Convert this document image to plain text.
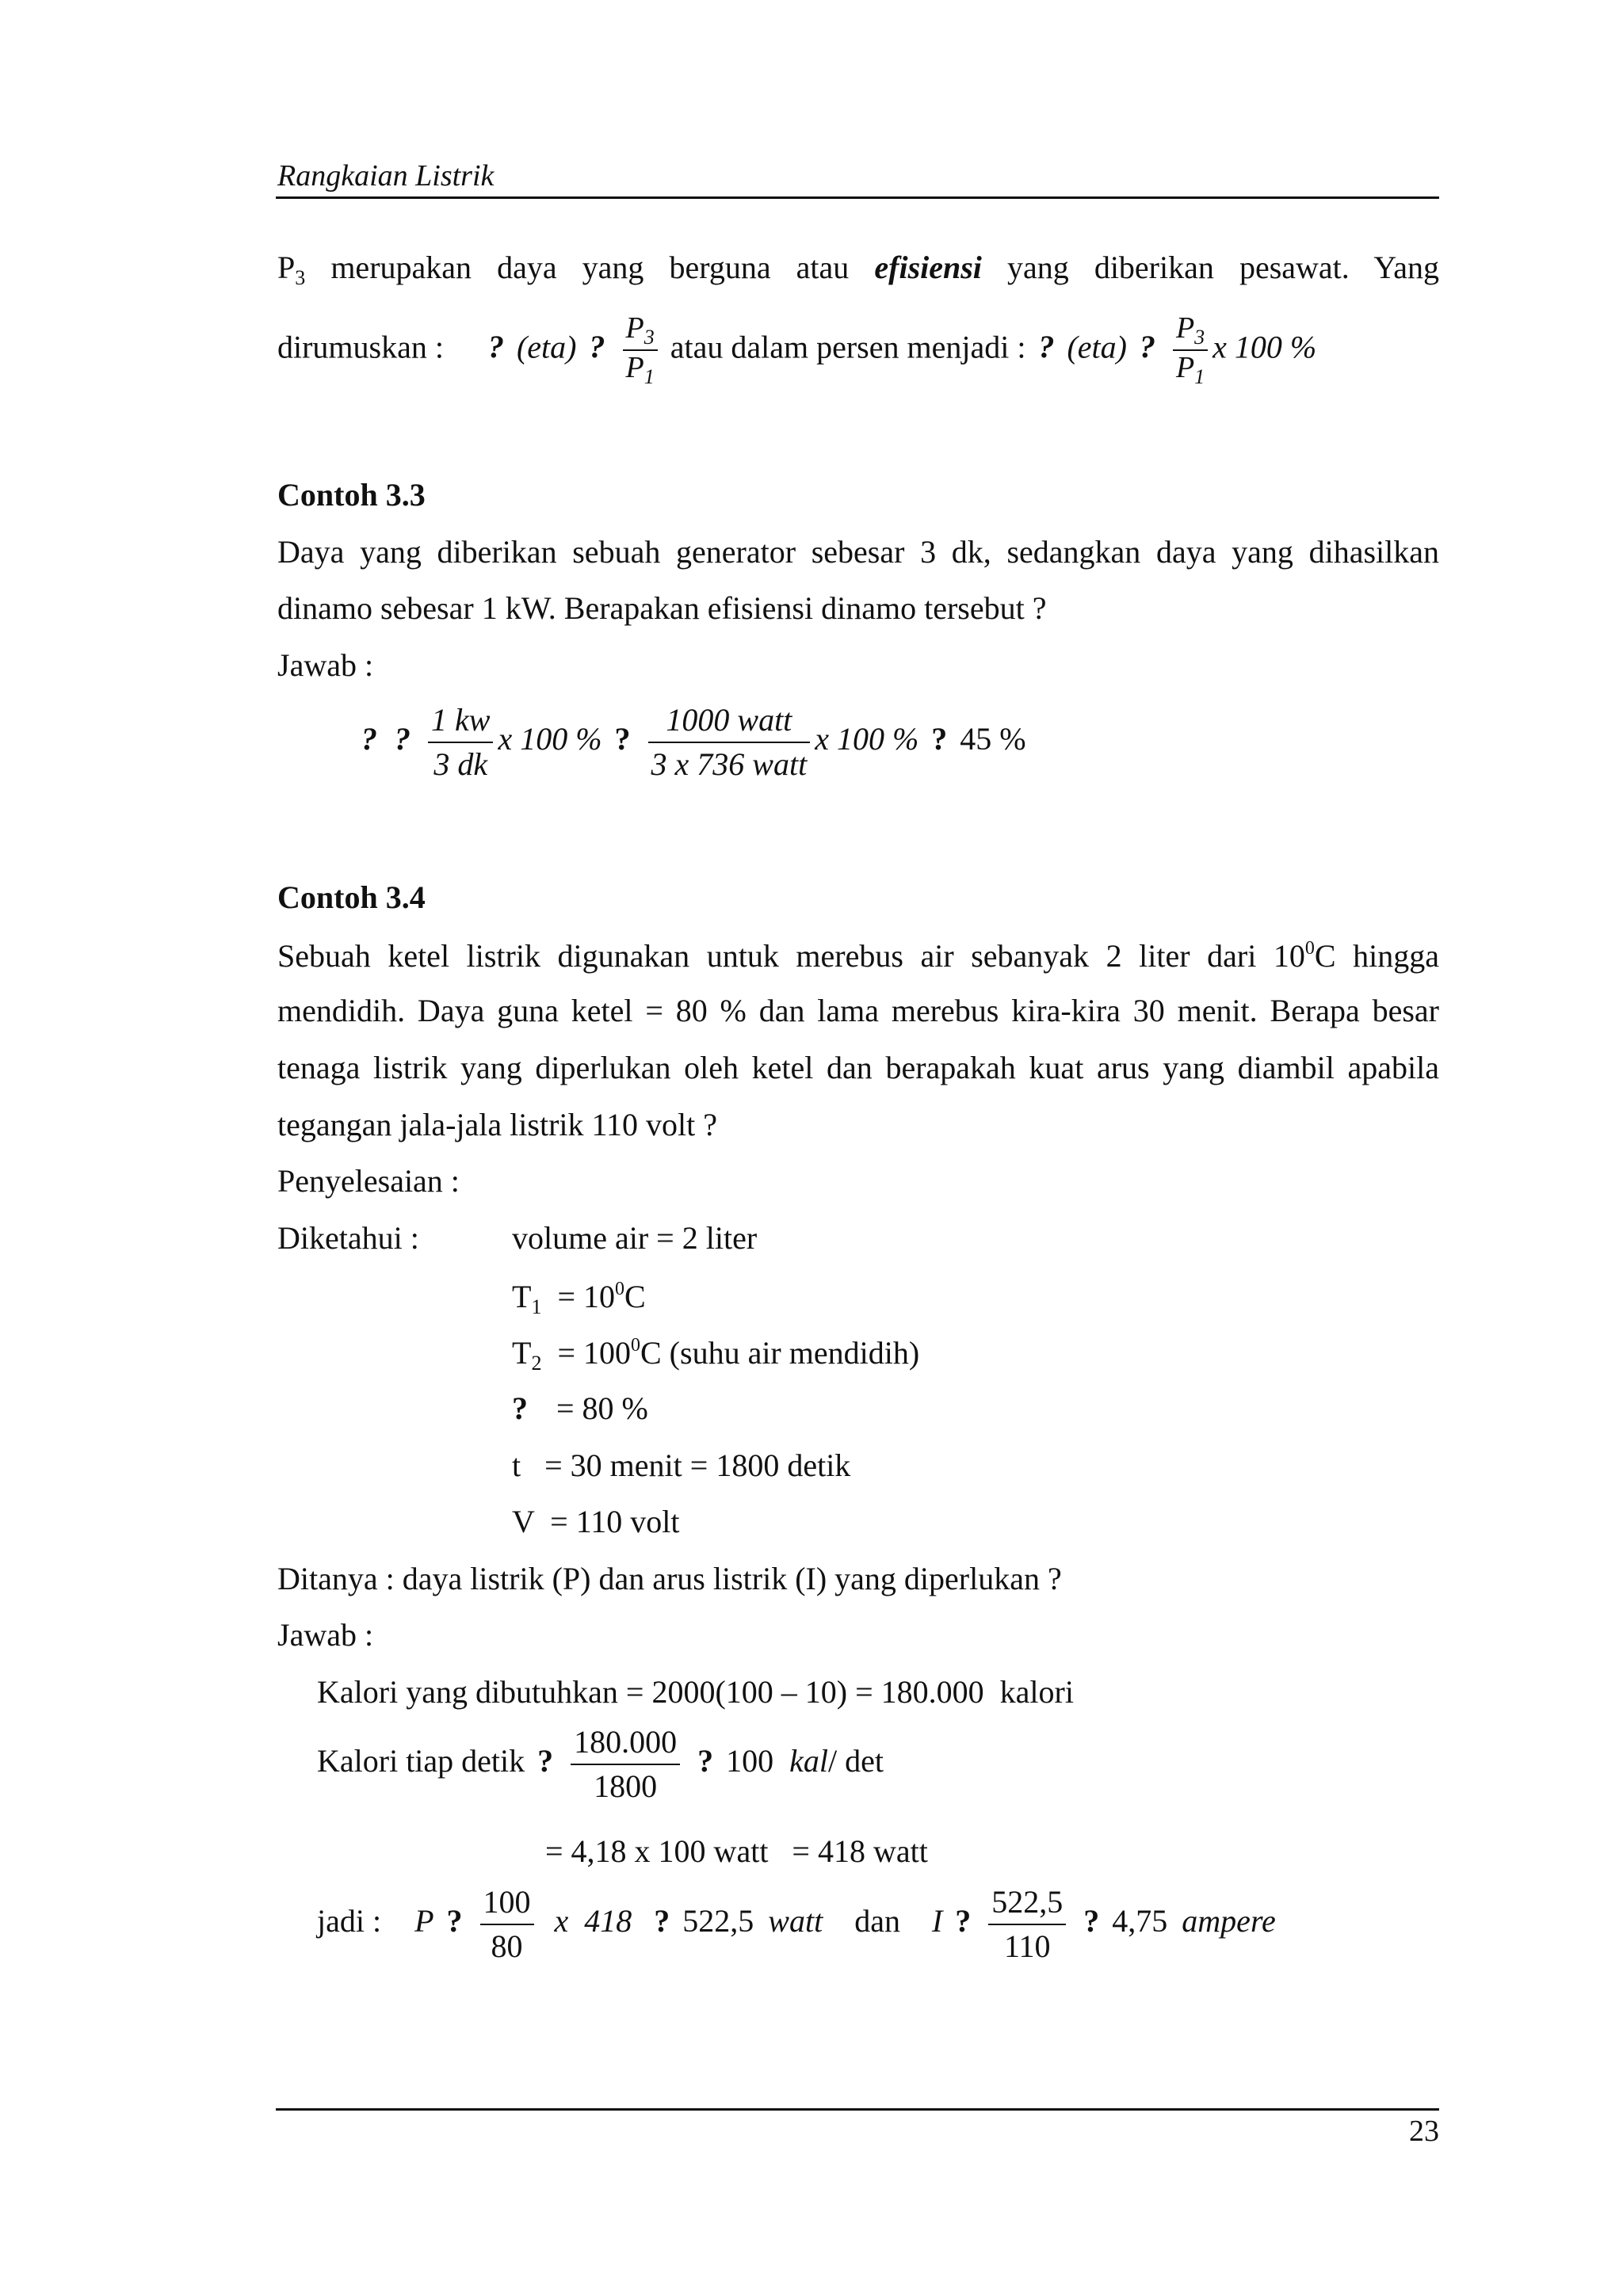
Rangkaian Listrik
$P_3$ merupakan daya yang berguna atau efisiensi yang diberikan pesawat. Yang
dirumuskan : ? (eta) ? $\frac{P_3}{P_1}$ atau dalam persen menjadi : ? (eta) ? $\frac{P_3}{P_1}$ x 100 %
Contoh 3.3
Daya yang diberikan sebuah generator sebesar 3 dk, sedangkan daya yang dihasilkan
dinamo sebesar 1 kW. Berapakan efisiensi dinamo tersebut ?
Jawab :
? ? $\frac{1 kw}{3 dk}$ x 100 % ? $\frac{\text{1000 watt}}{\text{3 x 736 watt}}$ x 100 % ? 45 %
Contoh 3.4
Sebuah ketel listrik digunakan untuk merebus air sebanyak 2 liter dari $10^0C$ hingga
mendidih. Daya guna ketel = 80 % dan lama merebus kira-kira 30 menit. Berapa besar
tenaga listrik yang diperlukan oleh ketel dan berapakah kuat arus yang diambil apabila
tegangan jala-jala listrik 110 volt ?
Penyelesaian :
Diketahui :	volume air = 2 liter
$T_1 = 10^0C$
$T_2 = 100^0C$ (suhu air mendidih)
?   = 80 %
t   = 30 menit = 1800 detik
V  = 110 volt
Ditanya : daya listrik (P) dan arus listrik (I) yang diperlukan ?
Jawab :
Kalori yang dibutuhkan = 2000(100 – 10) = 180.000  kalori
Kalori tiap detik ? $\frac{180.000}{1800}$ ? 100 kal/ det
= 4,18 x 100 watt   = 418 watt
jadi : P ? $\frac{100}{80}$ x  418 ? 522,5 watt dan I ? $\frac{522,5}{110}$ ? 4,75 ampere
23
